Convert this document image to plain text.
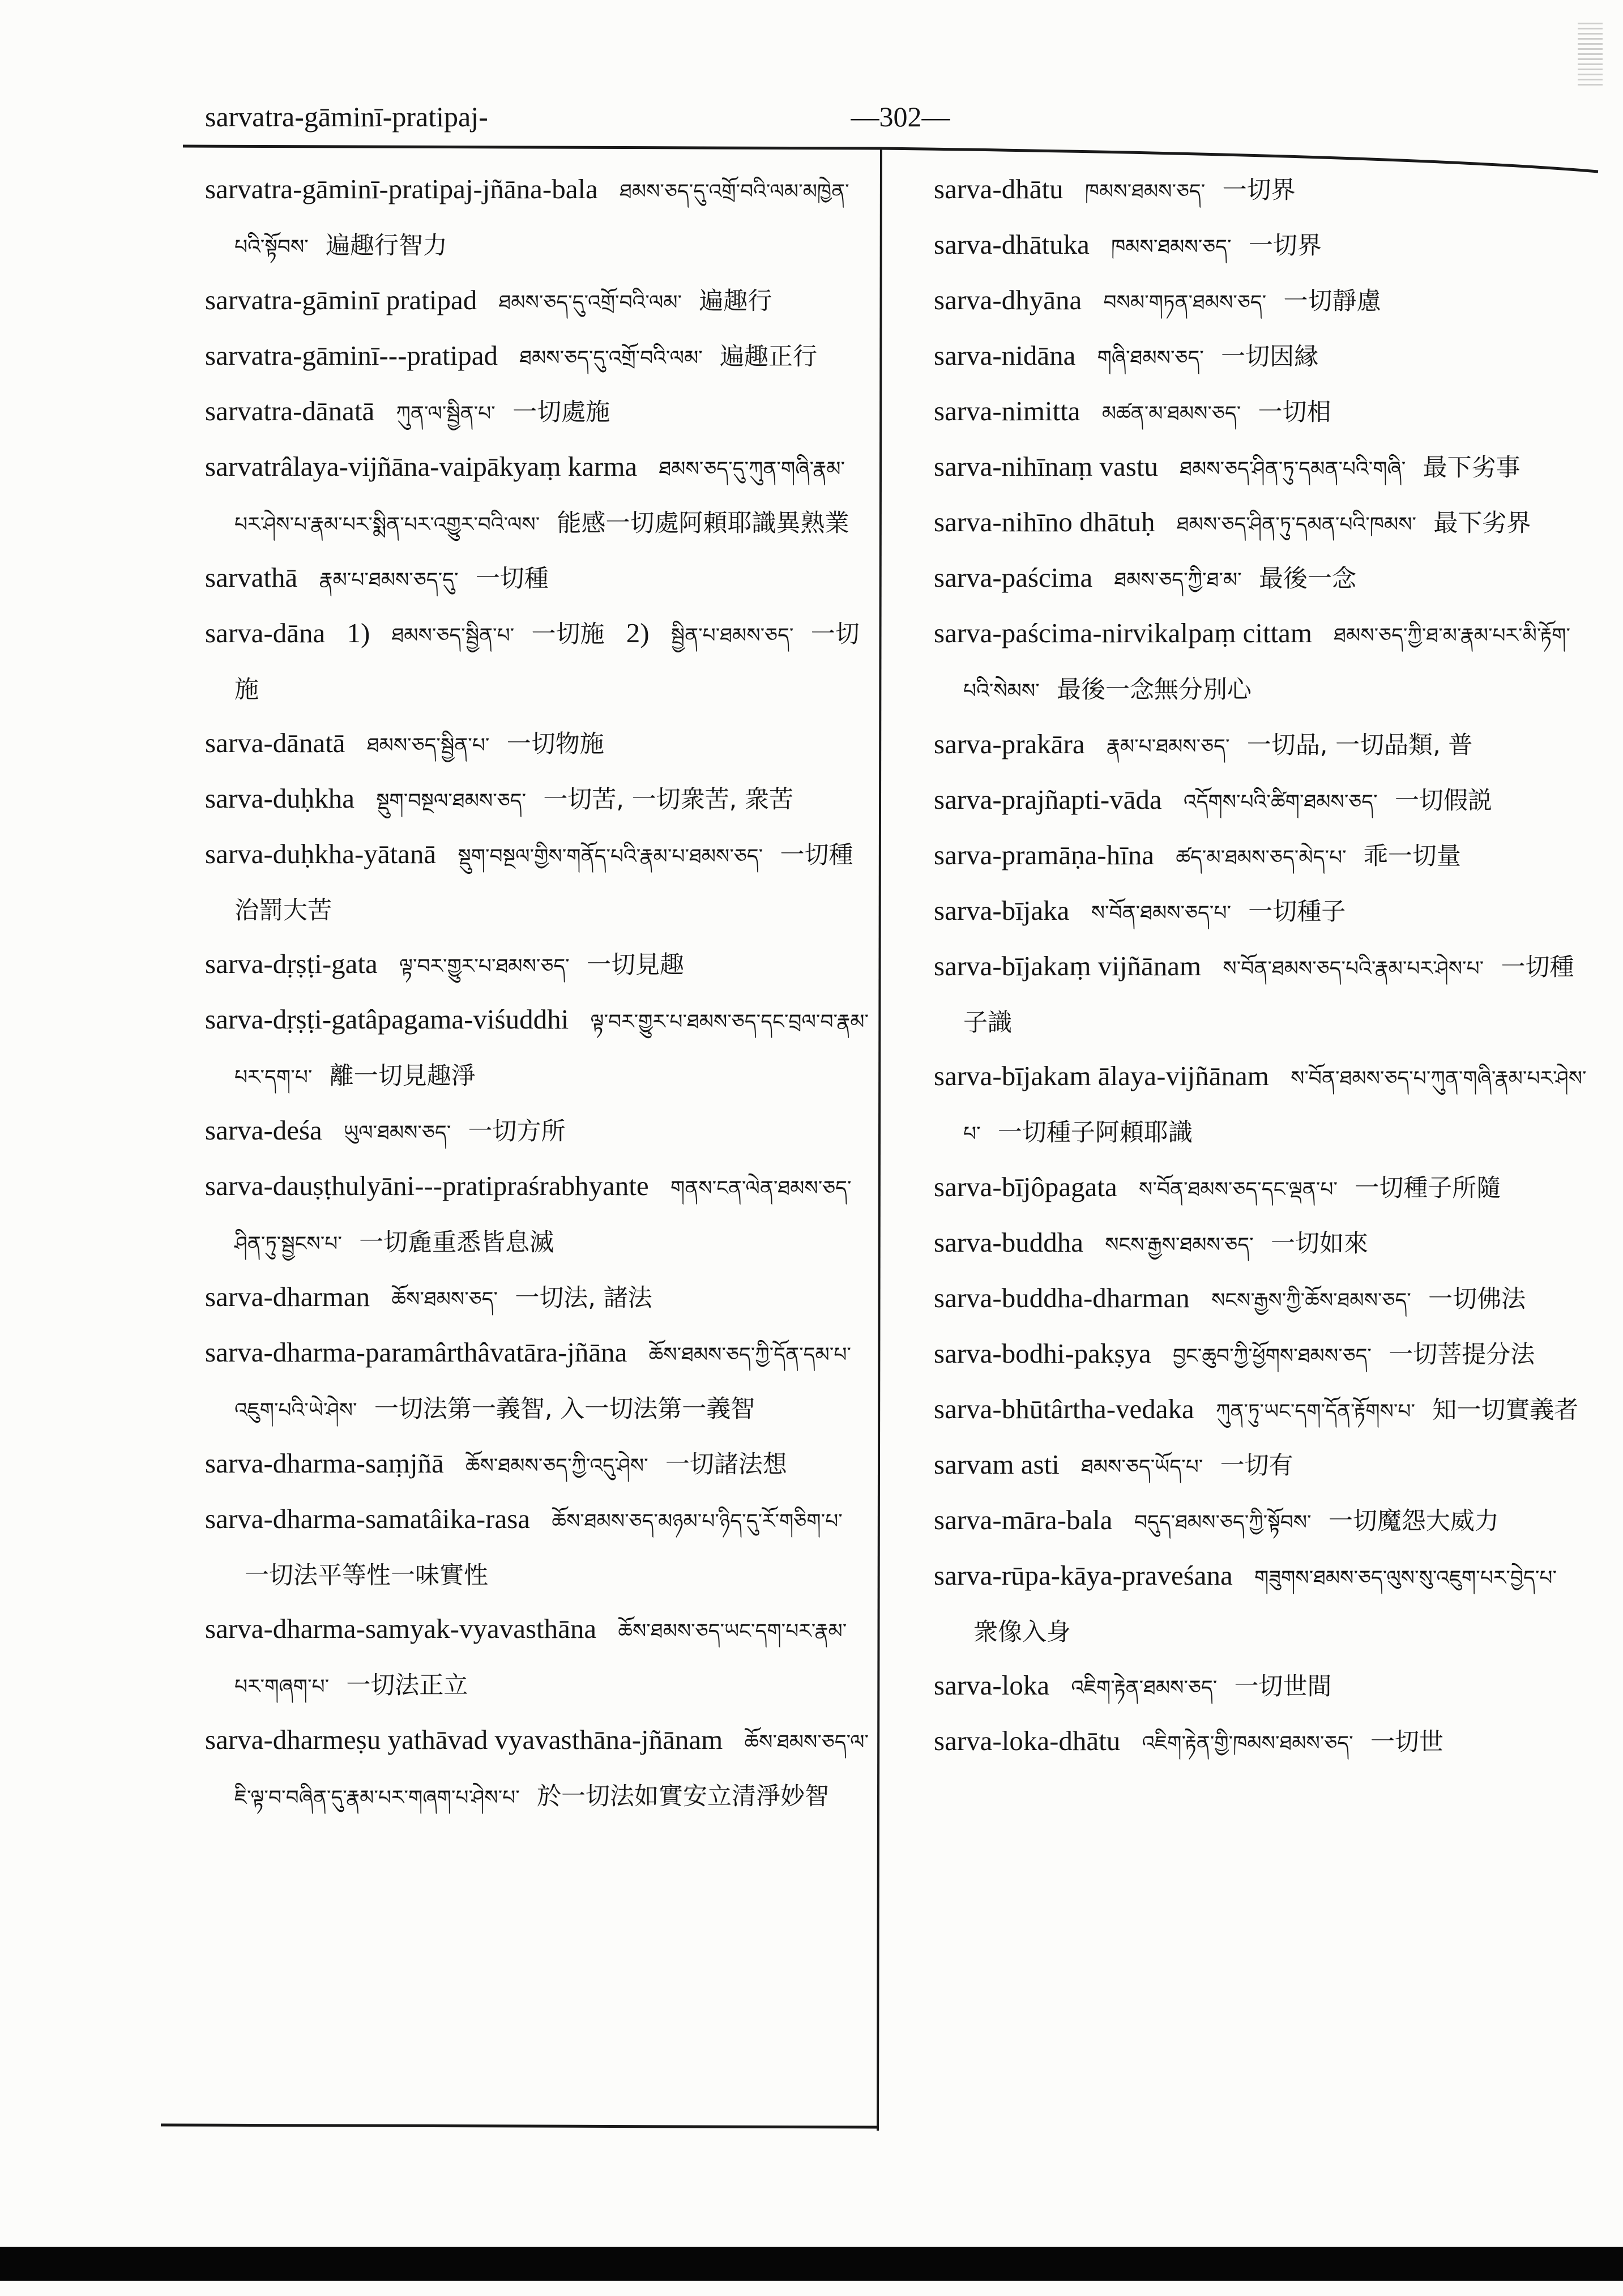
sarvatra-gāminī-pratipaj-	—302—
sarvatra-gāminī-pratipaj-jñāna-bala ཐམས་ཅད་དུ་འགྲོ་བའི་ལམ་མཁྱེན་པའི་སྟོབས་ 遍趣行智力
sarvatra-gāminī pratipad ཐམས་ཅད་དུ་འགྲོ་བའི་ལམ་ 遍趣行
sarvatra-gāminī---pratipad ཐམས་ཅད་དུ་འགྲོ་བའི་ལམ་ 遍趣正行
sarvatra-dānatā ཀུན་ལ་སྦྱིན་པ་ 一切處施
sarvatrâlaya-vijñāna-vaipākyaṃ karma ཐམས་ཅད་དུ་ཀུན་གཞི་རྣམ་པར་ཤེས་པ་རྣམ་པར་སྨིན་པར་འགྱུར་བའི་ལས་ 能感一切處阿頼耶識異熟業
sarvathā རྣམ་པ་ཐམས་ཅད་དུ་ 一切種
sarva-dāna 1) ཐམས་ཅད་སྦྱིན་པ་ 一切施 2) སྦྱིན་པ་ཐམས་ཅད་ 一切施
sarva-dānatā ཐམས་ཅད་སྦྱིན་པ་ 一切物施
sarva-duḥkha སྡུག་བསྔལ་ཐམས་ཅད་ 一切苦, 一切衆苦, 衆苦
sarva-duḥkha-yātanā སྡུག་བསྔལ་གྱིས་གནོད་པའི་རྣམ་པ་ཐམས་ཅད་ 一切種治罰大苦
sarva-dṛṣṭi-gata ལྟ་བར་གྱུར་པ་ཐམས་ཅད་ 一切見趣
sarva-dṛṣṭi-gatâpagama-viśuddhi ལྟ་བར་གྱུར་པ་ཐམས་ཅད་དང་བྲལ་བ་རྣམ་པར་དག་པ་ 離一切見趣淨
sarva-deśa ཡུལ་ཐམས་ཅད་ 一切方所
sarva-dauṣṭhulyāni---pratipraśrabhyante གནས་ངན་ལེན་ཐམས་ཅད་ཤིན་ཏུ་སྦྱངས་པ་ 一切麁重悉皆息滅
sarva-dharman ཆོས་ཐམས་ཅད་ 一切法, 諸法
sarva-dharma-paramârthâvatāra-jñāna ཆོས་ཐམས་ཅད་ཀྱི་དོན་དམ་པ་འཇུག་པའི་ཡེ་ཤེས་ 一切法第一義智, 入一切法第一義智
sarva-dharma-saṃjñā ཆོས་ཐམས་ཅད་ཀྱི་འདུ་ཤེས་ 一切諸法想
sarva-dharma-samatâika-rasa ཆོས་ཐམས་ཅད་མཉམ་པ་ཉིད་དུ་རོ་གཅིག་པ་ 一切法平等性一味實性
sarva-dharma-samyak-vyavasthāna ཆོས་ཐམས་ཅད་ཡང་དག་པར་རྣམ་པར་གཞག་པ་ 一切法正立
sarva-dharmeṣu yathāvad vyavasthāna-jñānam ཆོས་ཐམས་ཅད་ལ་ཇི་ལྟ་བ་བཞིན་དུ་རྣམ་པར་གཞག་པ་ཤེས་པ་ 於一切法如實安立清淨妙智
sarva-dhātu ཁམས་ཐམས་ཅད་ 一切界
sarva-dhātuka ཁམས་ཐམས་ཅད་ 一切界
sarva-dhyāna བསམ་གཏན་ཐམས་ཅད་ 一切靜慮
sarva-nidāna གཞི་ཐམས་ཅད་ 一切因縁
sarva-nimitta མཚན་མ་ཐམས་ཅད་ 一切相
sarva-nihīnaṃ vastu ཐམས་ཅད་ཤིན་ཏུ་དམན་པའི་གཞི་ 最下劣事
sarva-nihīno dhātuḥ ཐམས་ཅད་ཤིན་ཏུ་དམན་པའི་ཁམས་ 最下劣界
sarva-paścima ཐམས་ཅད་ཀྱི་ཐ་མ་ 最後一念
sarva-paścima-nirvikalpaṃ cittam ཐམས་ཅད་ཀྱི་ཐ་མ་རྣམ་པར་མི་རྟོག་པའི་སེམས་ 最後一念無分別心
sarva-prakāra རྣམ་པ་ཐམས་ཅད་ 一切品, 一切品類, 普
sarva-prajñapti-vāda འདོགས་པའི་ཚིག་ཐམས་ཅད་ 一切假説
sarva-pramāṇa-hīna ཚད་མ་ཐམས་ཅད་མེད་པ་ 乖一切量
sarva-bījaka ས་བོན་ཐམས་ཅད་པ་ 一切種子
sarva-bījakaṃ vijñānam ས་བོན་ཐམས་ཅད་པའི་རྣམ་པར་ཤེས་པ་ 一切種子識
sarva-bījakam ālaya-vijñānam ས་བོན་ཐམས་ཅད་པ་ཀུན་གཞི་རྣམ་པར་ཤེས་པ་ 一切種子阿頼耶識
sarva-bījôpagata ས་བོན་ཐམས་ཅད་དང་ལྡན་པ་ 一切種子所隨
sarva-buddha སངས་རྒྱས་ཐམས་ཅད་ 一切如來
sarva-buddha-dharman སངས་རྒྱས་ཀྱི་ཆོས་ཐམས་ཅད་ 一切佛法
sarva-bodhi-pakṣya བྱང་ཆུབ་ཀྱི་ཕྱོགས་ཐམས་ཅད་ 一切菩提分法
sarva-bhūtârtha-vedaka ཀུན་ཏུ་ཡང་དག་དོན་རྟོགས་པ་ 知一切實義者
sarvam asti ཐམས་ཅད་ཡོད་པ་ 一切有
sarva-māra-bala བདུད་ཐམས་ཅད་ཀྱི་སྟོབས་ 一切魔怨大威力
sarva-rūpa-kāya-praveśana གཟུགས་ཐམས་ཅད་ལུས་སུ་འཇུག་པར་བྱེད་པ་ 衆像入身
sarva-loka འཇིག་རྟེན་ཐམས་ཅད་ 一切世間
sarva-loka-dhātu འཇིག་རྟེན་གྱི་ཁམས་ཐམས་ཅད་ 一切世
